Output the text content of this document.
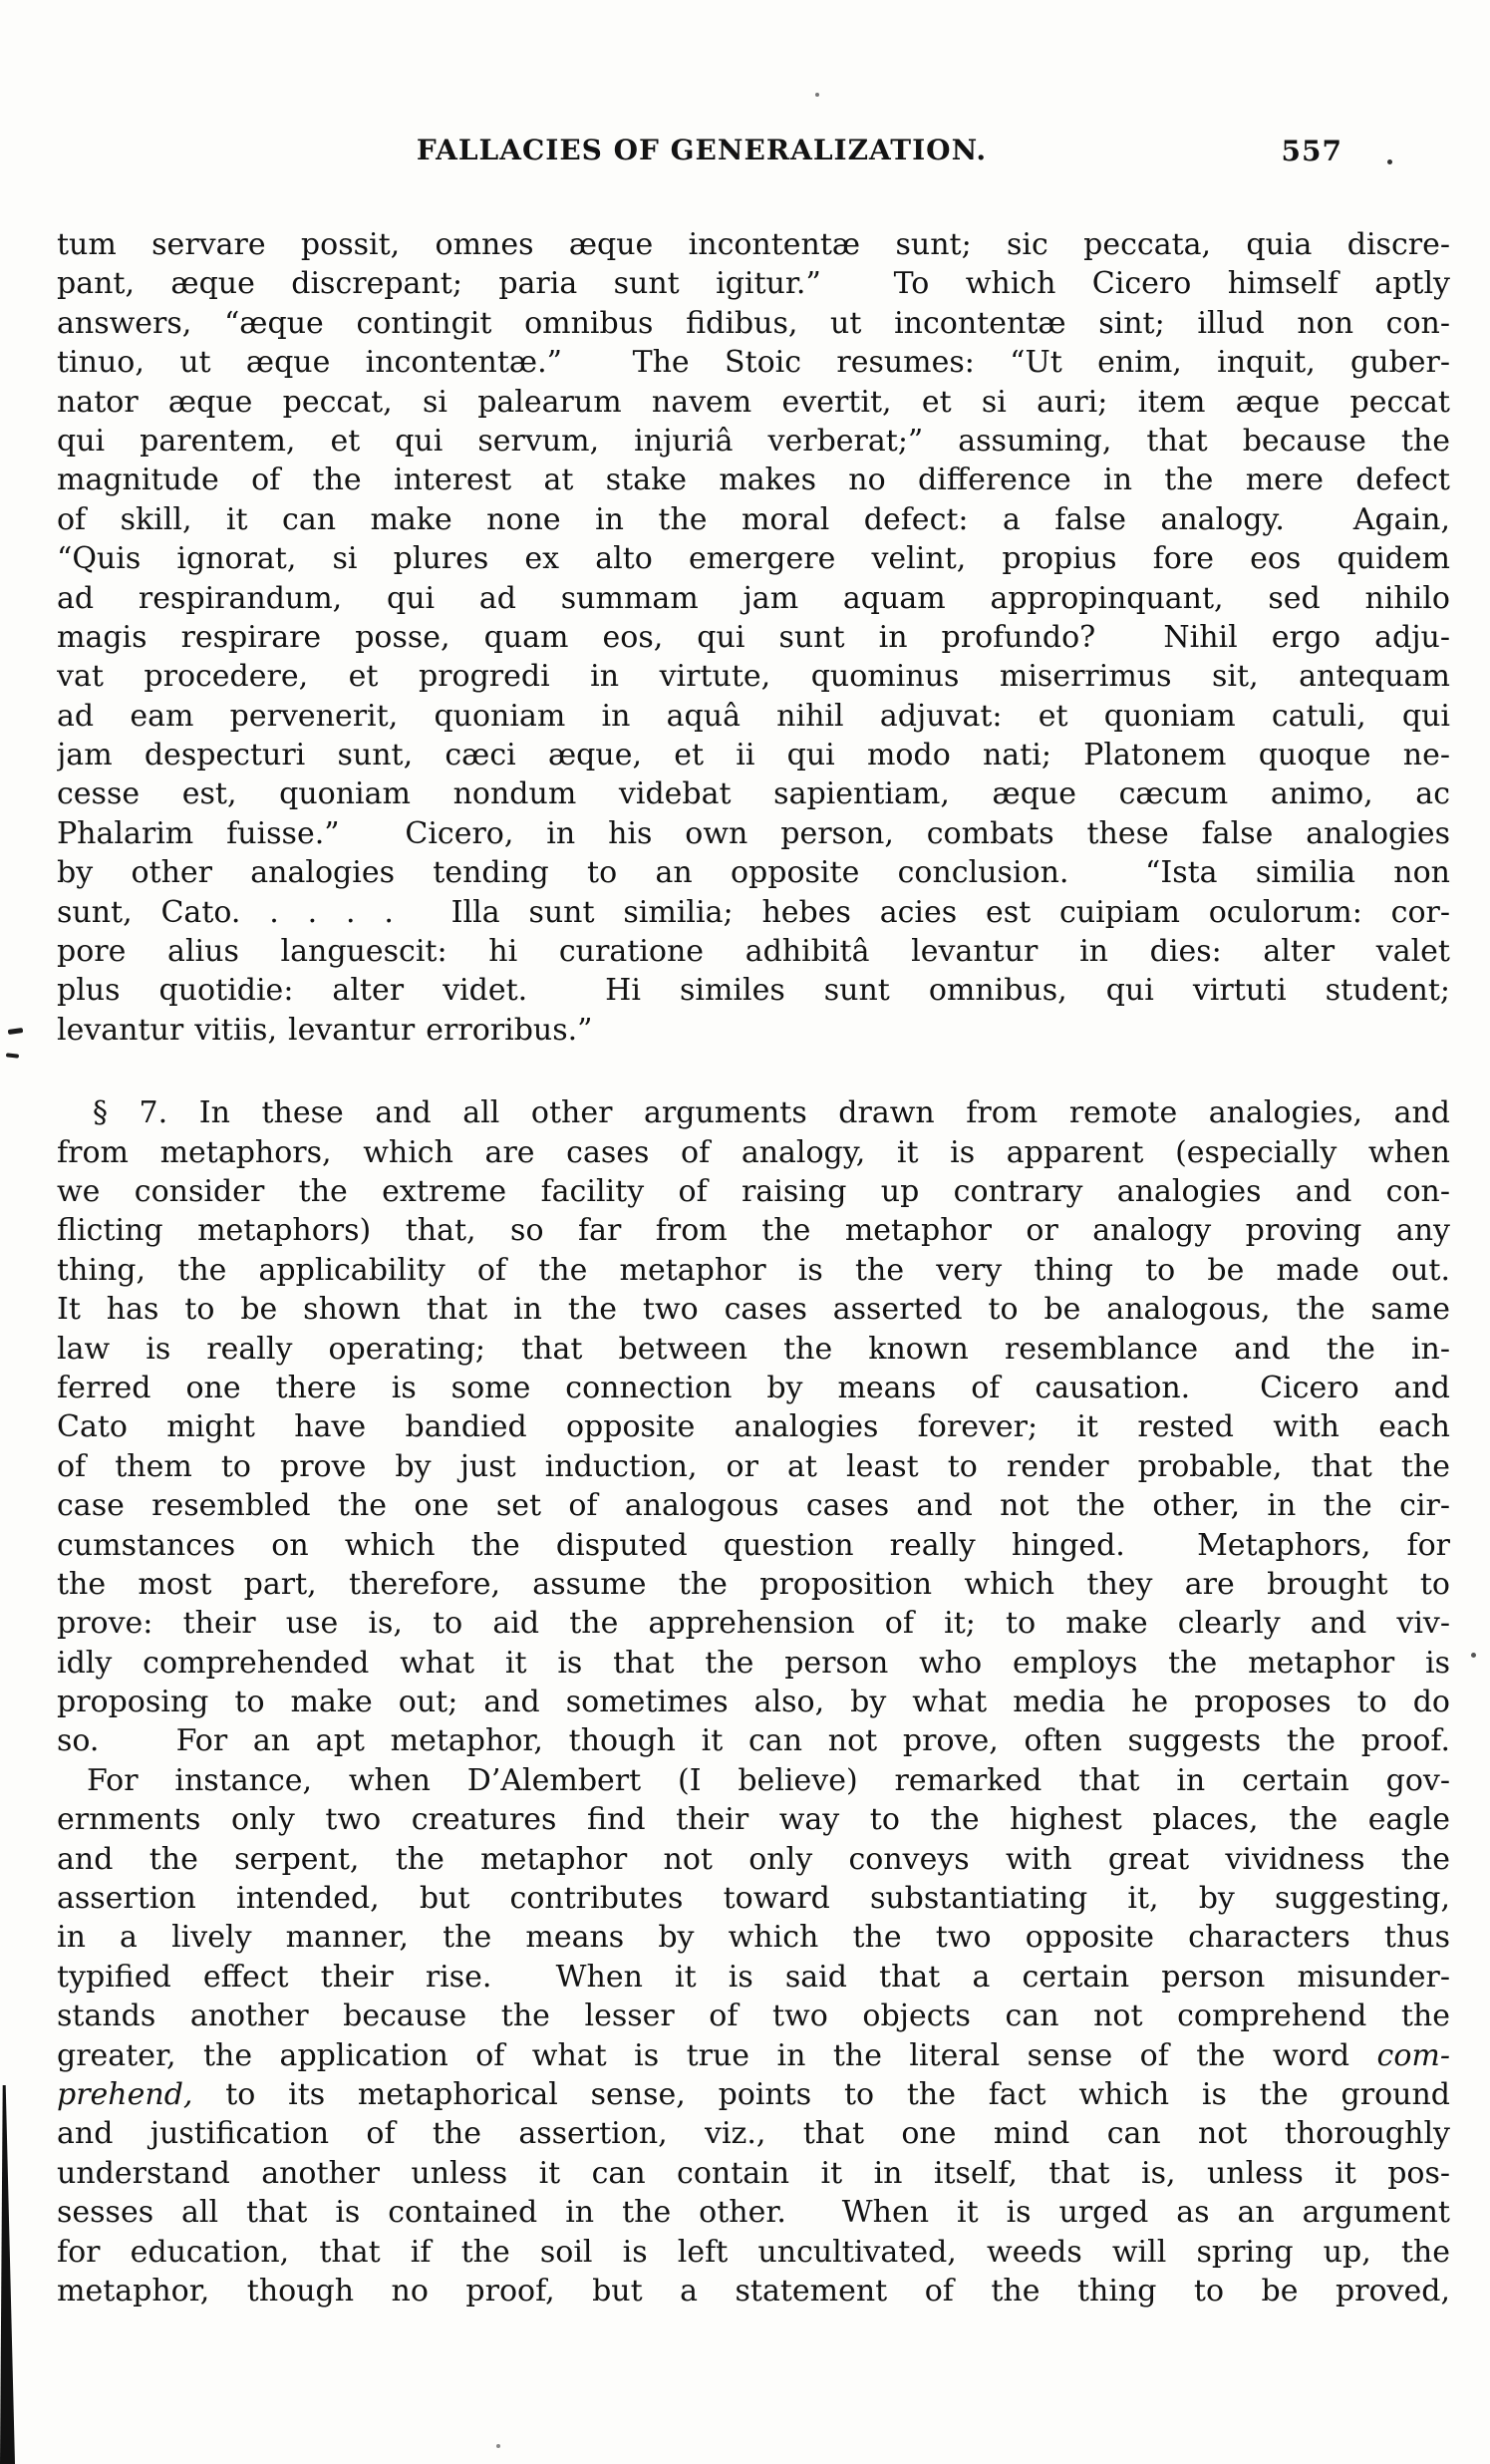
FALLACIES OF GENERALIZATION.	557
tum servare possit, omnes æque incontentæ sunt; sic peccata, quia discre-
pant, æque discrepant; paria sunt igitur.”  To which Cicero himself aptly
answers, “æque contingit omnibus fidibus, ut incontentæ sint; illud non con-
tinuo, ut æque incontentæ.”  The Stoic resumes: “Ut enim, inquit, guber-
nator æque peccat, si palearum navem evertit, et si auri; item æque peccat
qui parentem, et qui servum, injuriâ verberat;” assuming, that because the
magnitude of the interest at stake makes no difference in the mere defect
of skill, it can make none in the moral defect: a false analogy.  Again,
“Quis ignorat, si plures ex alto emergere velint, propius fore eos quidem
ad respirandum, qui ad summam jam aquam appropinquant, sed nihilo
magis respirare posse, quam eos, qui sunt in profundo?  Nihil ergo adju-
vat procedere, et progredi in virtute, quominus miserrimus sit, antequam
ad eam pervenerit, quoniam in aquâ nihil adjuvat: et quoniam catuli, qui
jam despecturi sunt, cæci æque, et ii qui modo nati; Platonem quoque ne-
cesse est, quoniam nondum videbat sapientiam, æque cæcum animo, ac
Phalarim fuisse.”  Cicero, in his own person, combats these false analogies
by other analogies tending to an opposite conclusion.  “Ista similia non
sunt, Cato. . . . .  Illa sunt similia; hebes acies est cuipiam oculorum: cor-
pore alius languescit: hi curatione adhibitâ levantur in dies: alter valet
plus quotidie: alter videt.  Hi similes sunt omnibus, qui virtuti student;
levantur vitiis, levantur erroribus.”
§ 7. In these and all other arguments drawn from remote analogies, and
from metaphors, which are cases of analogy, it is apparent (especially when
we consider the extreme facility of raising up contrary analogies and con-
flicting metaphors) that, so far from the metaphor or analogy proving any
thing, the applicability of the metaphor is the very thing to be made out.
It has to be shown that in the two cases asserted to be analogous, the same
law is really operating; that between the known resemblance and the in-
ferred one there is some connection by means of causation.  Cicero and
Cato might have bandied opposite analogies forever; it rested with each
of them to prove by just induction, or at least to render probable, that the
case resembled the one set of analogous cases and not the other, in the cir-
cumstances on which the disputed question really hinged.  Metaphors, for
the most part, therefore, assume the proposition which they are brought to
prove: their use is, to aid the apprehension of it; to make clearly and viv-
idly comprehended what it is that the person who employs the metaphor is
proposing to make out; and sometimes also, by what media he proposes to do
so.   For an apt metaphor, though it can not prove, often suggests the proof.
For instance, when D’Alembert (I believe) remarked that in certain gov-
ernments only two creatures find their way to the highest places, the eagle
and the serpent, the metaphor not only conveys with great vividness the
assertion intended, but contributes toward substantiating it, by suggesting,
in a lively manner, the means by which the two opposite characters thus
typified effect their rise.  When it is said that a certain person misunder-
stands another because the lesser of two objects can not comprehend the
greater, the application of what is true in the literal sense of the word com-
prehend, to its metaphorical sense, points to the fact which is the ground
and justification of the assertion, viz., that one mind can not thoroughly
understand another unless it can contain it in itself, that is, unless it pos-
sesses all that is contained in the other.  When it is urged as an argument
for education, that if the soil is left uncultivated, weeds will spring up, the
metaphor, though no proof, but a statement of the thing to be proved,
